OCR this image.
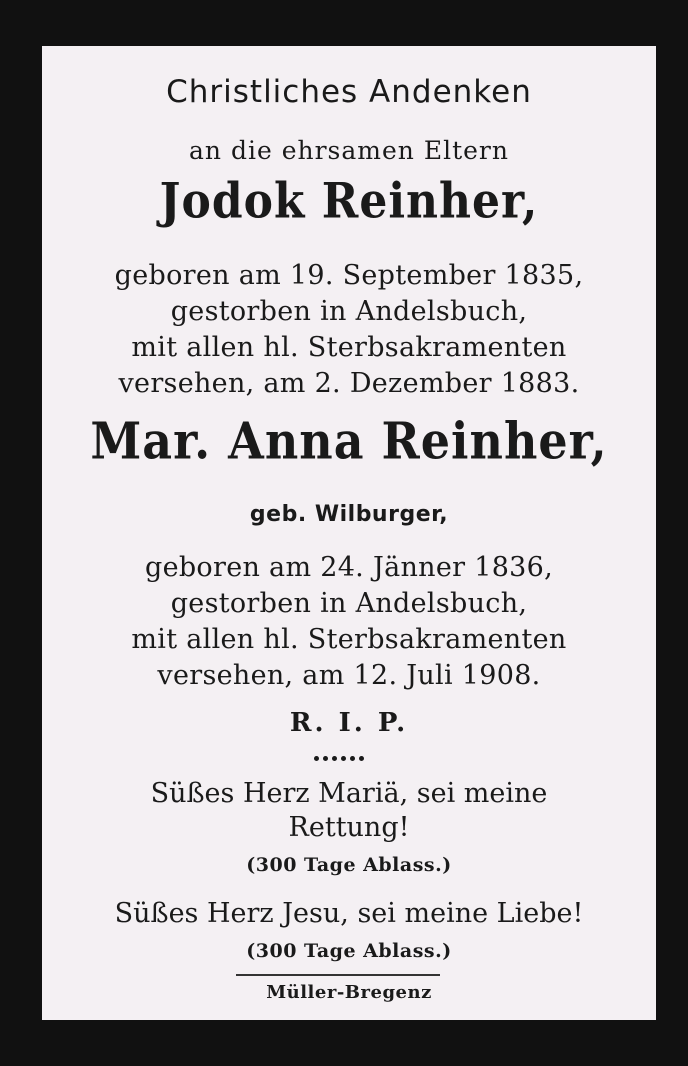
Christliches Andenken
an die ehrsamen Eltern
Jodok Reinher,
geboren am 19. September 1835,
gestorben in Andelsbuch,
mit allen hl. Sterbsakramenten
versehen, am 2. Dezember 1883.
Mar. Anna Reinher,
geb. Wilburger,
geboren am 24. Jänner 1836,
gestorben in Andelsbuch,
mit allen hl. Sterbsakramenten
versehen, am 12. Juli 1908.
R. I. P.
Süßes Herz Mariä, sei meine
Rettung!
(300 Tage Ablass.)
Süßes Herz Jesu, sei meine Liebe!
(300 Tage Ablass.)
Müller-Bregenz
